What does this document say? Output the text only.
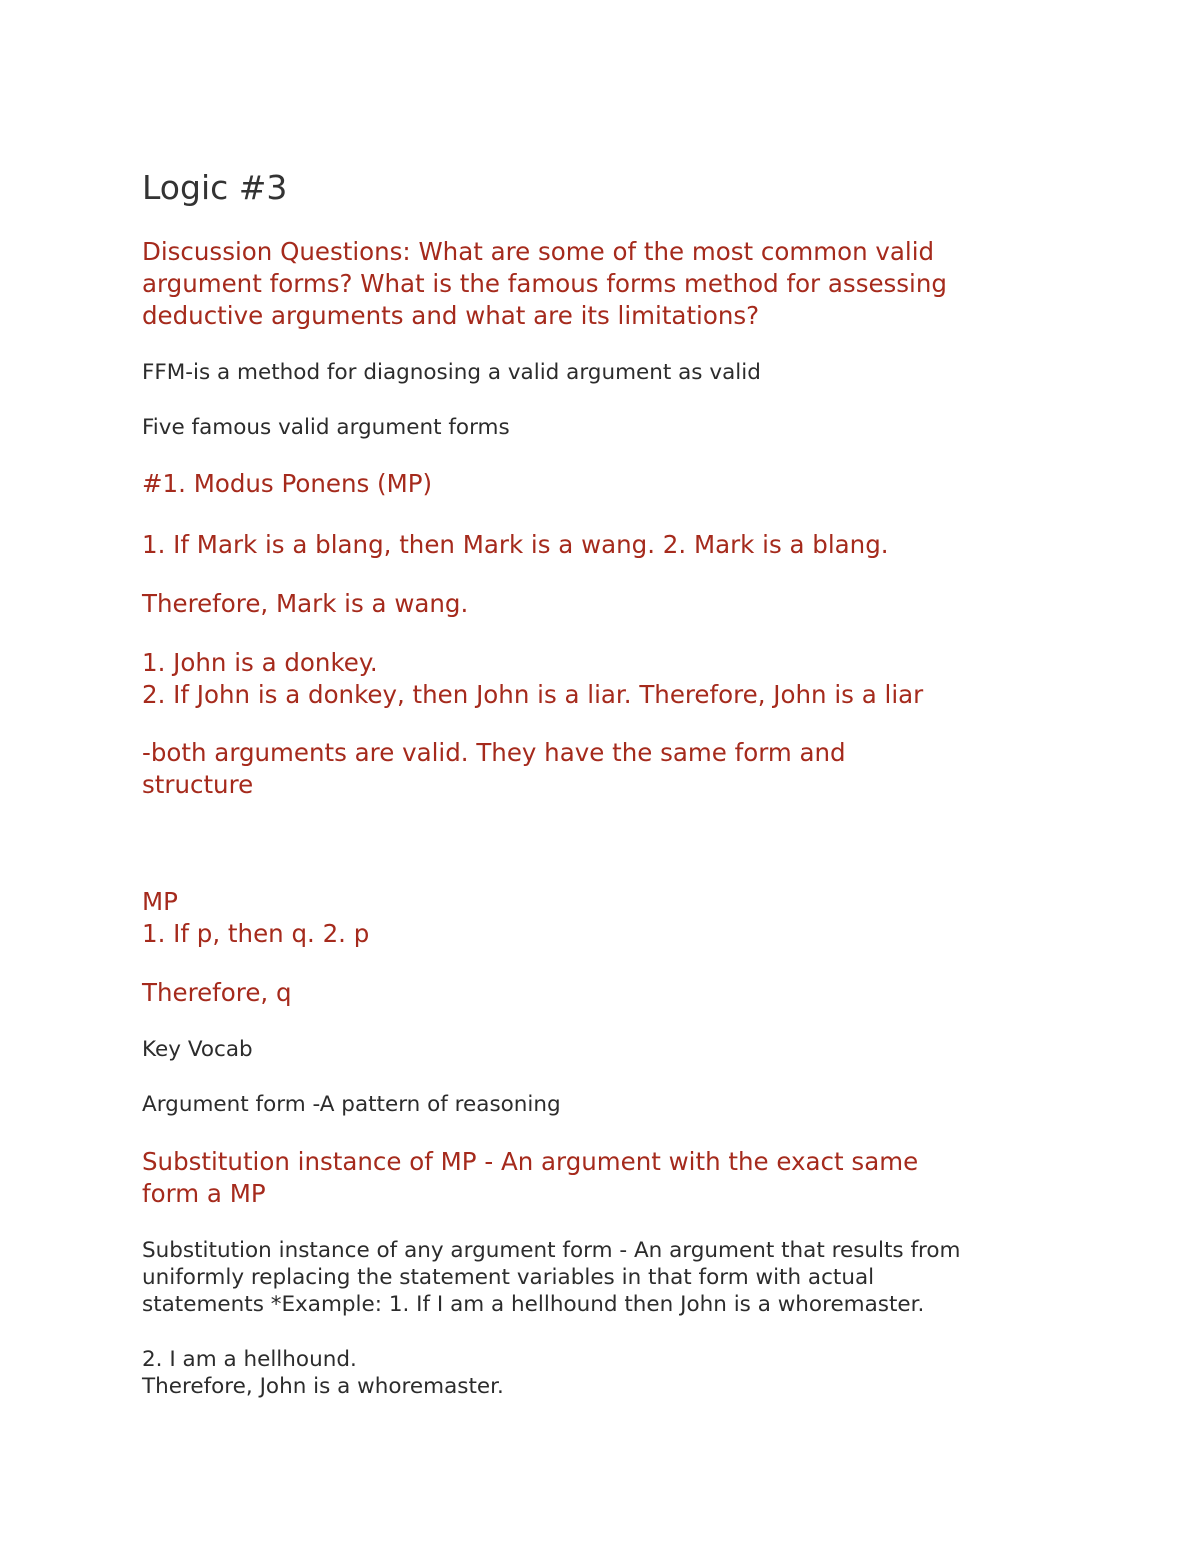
Logic #3
Discussion Questions: What are some of the most common valid
argument forms? What is the famous forms method for assessing
deductive arguments and what are its limitations?

FFM-is a method for diagnosing a valid argument as valid

Five famous valid argument forms

#1. Modus Ponens (MP)

1. If Mark is a blang, then Mark is a wang. 2. Mark is a blang.

Therefore, Mark is a wang.

1. John is a donkey.
2. If John is a donkey, then John is a liar. Therefore, John is a liar
-both arguments are valid. They have the same form and
structure
MP
1. If p, then q. 2. p

Therefore, q

Key Vocab

Argument form -A pattern of reasoning

Substitution instance of MP - An argument with the exact same
form a MP
Substitution instance of any argument form - An argument that results from
uniformly replacing the statement variables in that form with actual
statements *Example: 1. If I am a hellhound then John is a whoremaster.
2. I am a hellhound.
Therefore, John is a whoremaster.
